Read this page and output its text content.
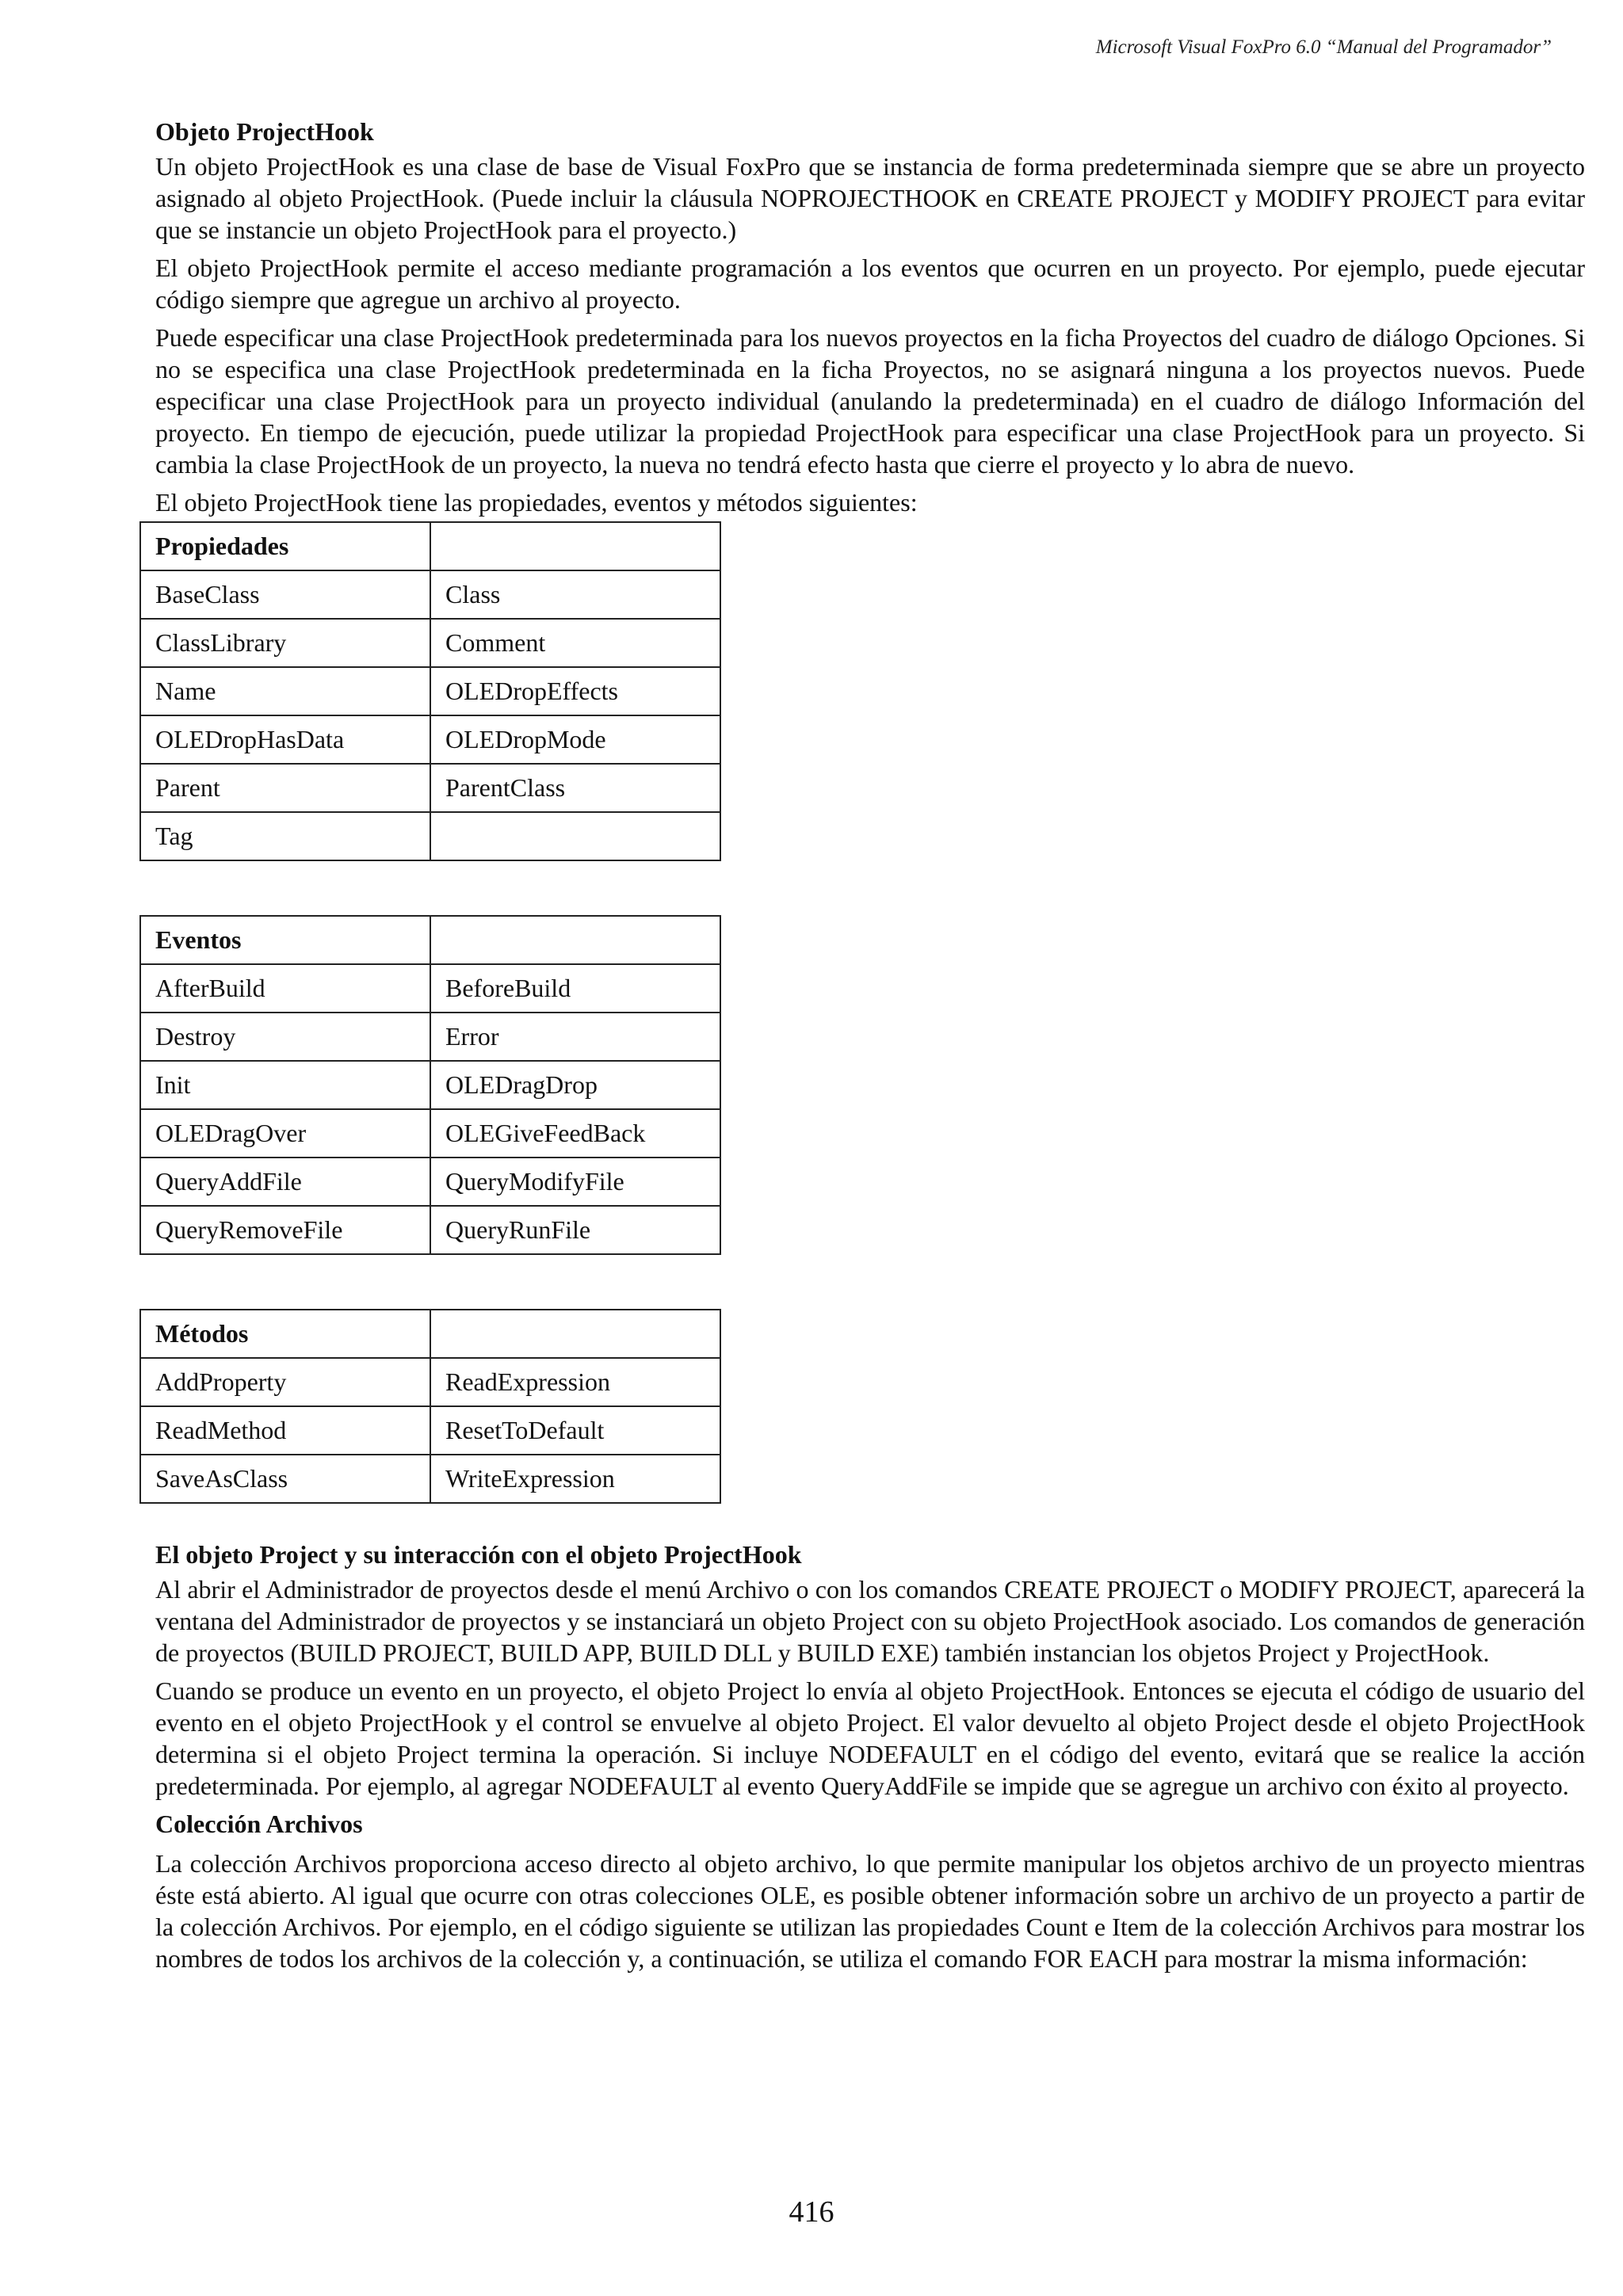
Microsoft Visual FoxPro 6.0 “Manual del Programador”
Objeto ProjectHook

Un objeto ProjectHook es una clase de base de Visual FoxPro que se instancia de forma predeterminada siempre que se abre un proyecto asignado al objeto ProjectHook. (Puede incluir la cláusula NOPROJECTHOOK en CREATE PROJECT y MODIFY PROJECT para evitar que se instancie un objeto ProjectHook para el proyecto.)

El objeto ProjectHook permite el acceso mediante programación a los eventos que ocurren en un proyecto. Por ejemplo, puede ejecutar código siempre que agregue un archivo al proyecto.

Puede especificar una clase ProjectHook predeterminada para los nuevos proyectos en la ficha Proyectos del cuadro de diálogo Opciones. Si no se especifica una clase ProjectHook predeterminada en la ficha Proyectos, no se asignará ninguna a los proyectos nuevos. Puede especificar una clase ProjectHook para un proyecto individual (anulando la predeterminada) en el cuadro de diálogo Información del proyecto. En tiempo de ejecución, puede utilizar la propiedad ProjectHook para especificar una clase ProjectHook para un proyecto. Si cambia la clase ProjectHook de un proyecto, la nueva no tendrá efecto hasta que cierre el proyecto y lo abra de nuevo.

El objeto ProjectHook tiene las propiedades, eventos y métodos siguientes:

Propiedades	
BaseClass	Class
ClassLibrary	Comment
Name	OLEDropEffects
OLEDropHasData	OLEDropMode
Parent	ParentClass
Tag	
Eventos	
AfterBuild	BeforeBuild
Destroy	Error
Init	OLEDragDrop
OLEDragOver	OLEGiveFeedBack
QueryAddFile	QueryModifyFile
QueryRemoveFile	QueryRunFile
Métodos	
AddProperty	ReadExpression
ReadMethod	ResetToDefault
SaveAsClass	WriteExpression
El objeto Project y su interacción con el objeto ProjectHook

Al abrir el Administrador de proyectos desde el menú Archivo o con los comandos CREATE PROJECT o MODIFY PROJECT, aparecerá la ventana del Administrador de proyectos y se instanciará un objeto Project con su objeto ProjectHook asociado. Los comandos de generación de proyectos (BUILD PROJECT, BUILD APP, BUILD DLL y BUILD EXE) también instancian los objetos Project y ProjectHook.

Cuando se produce un evento en un proyecto, el objeto Project lo envía al objeto ProjectHook. Entonces se ejecuta el código de usuario del evento en el objeto ProjectHook y el control se envuelve al objeto Project. El valor devuelto al objeto Project desde el objeto ProjectHook determina si el objeto Project termina la operación. Si incluye NODEFAULT en el código del evento, evitará que se realice la acción predeterminada. Por ejemplo, al agregar NODEFAULT al evento QueryAddFile se impide que se agregue un archivo con éxito al proyecto.

Colección Archivos

La colección Archivos proporciona acceso directo al objeto archivo, lo que permite manipular los objetos archivo de un proyecto mientras éste está abierto. Al igual que ocurre con otras colecciones OLE, es posible obtener información sobre un archivo de un proyecto a partir de la colección Archivos. Por ejemplo, en el código siguiente se utilizan las propiedades Count e Item de la colección Archivos para mostrar los nombres de todos los archivos de la colección y, a continuación, se utiliza el comando FOR EACH para mostrar la misma información:

416
